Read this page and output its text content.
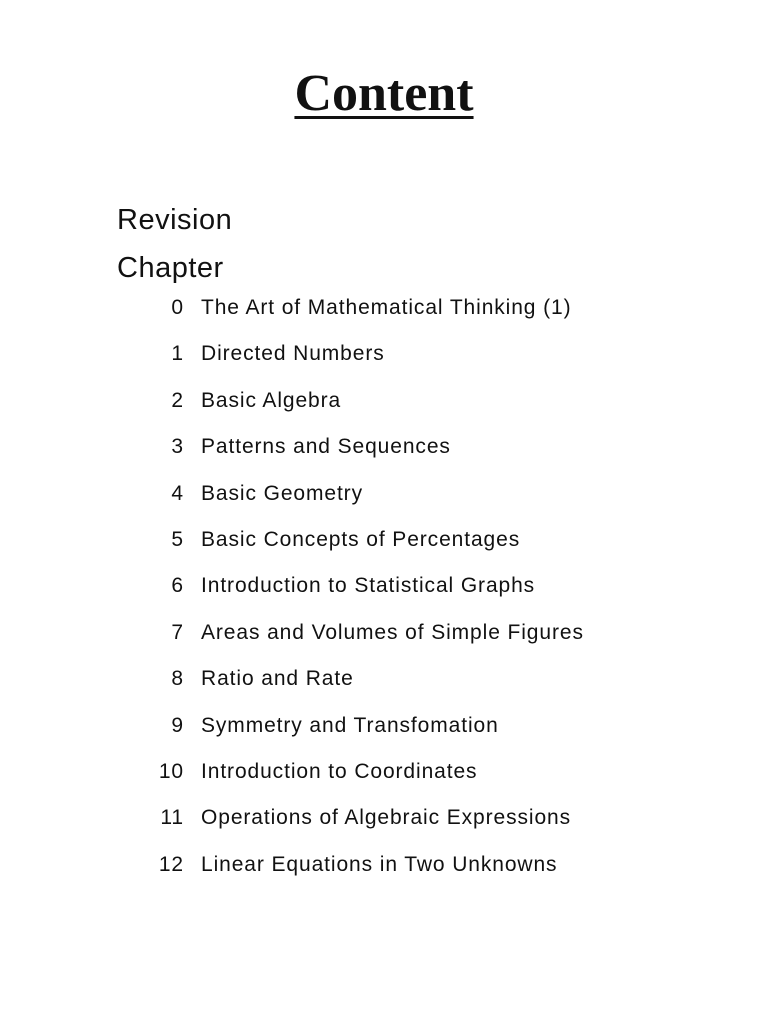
Content

Revision

Chapter

0 The Art of Mathematical Thinking (1)
1 Directed Numbers
2 Basic Algebra
3 Patterns and Sequences
4 Basic Geometry
5 Basic Concepts of Percentages
6 Introduction to Statistical Graphs
7 Areas and Volumes of Simple Figures
8 Ratio and Rate
9 Symmetry and Transfomation
10 Introduction to Coordinates
11 Operations of Algebraic Expressions
12 Linear Equations in Two Unknowns
